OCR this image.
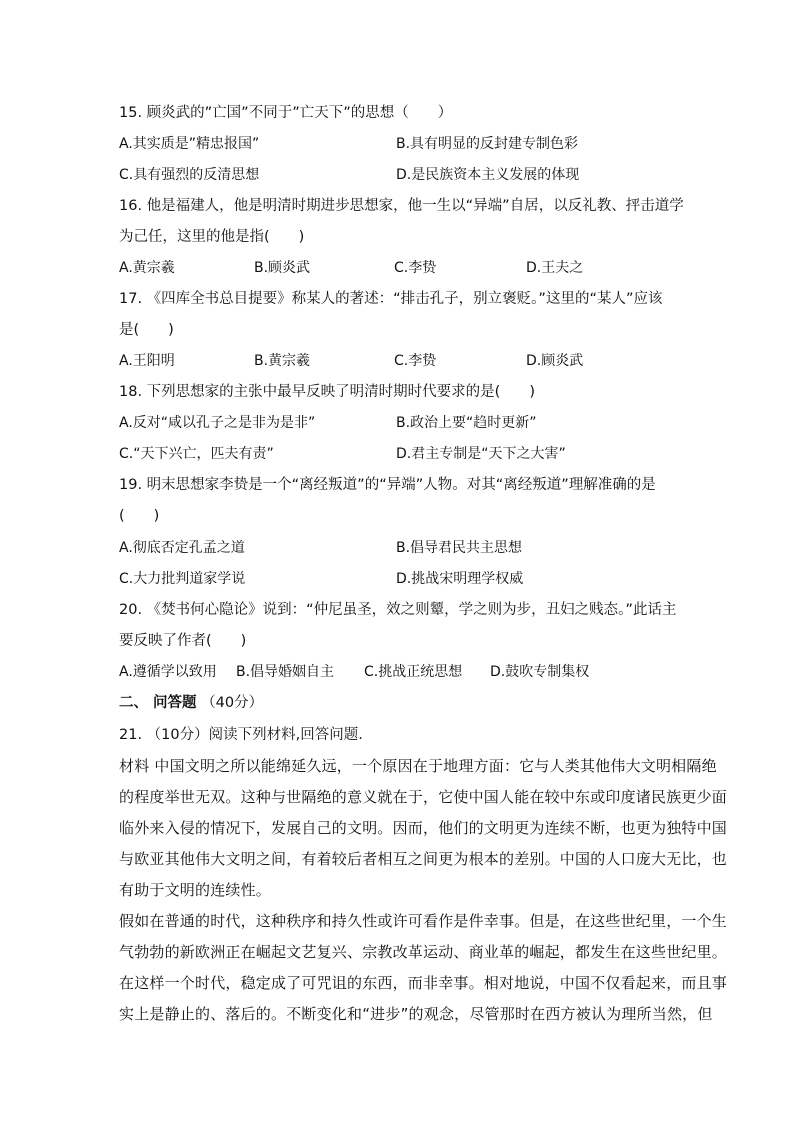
15. 顾炎武的”亡国”不同于”亡天下”的思想（　　）
A.其实质是”精忠报国”	B.具有明显的反封建专制色彩
C.具有强烈的反清思想	D.是民族资本主义发展的体现
16. 他是福建人，他是明清时期进步思想家，他一生以“异端”自居，以反礼教、抨击道学
为己任，这里的他是指(　　)
A.黄宗羲	B.顾炎武	C.李贽	D.王夫之
17. 《四库全书总目提要》称某人的著述：“排击孔子，别立褒贬。”这里的“某人”应该
是(　　)
A.王阳明	B.黄宗羲	C.李贽	D.顾炎武
18. 下列思想家的主张中最早反映了明清时期时代要求的是(　　)
A.反对“咸以孔子之是非为是非”	B.政治上要“趋时更新”
C.“天下兴亡，匹夫有责”	D.君主专制是“天下之大害”
19. 明末思想家李贽是一个“离经叛道”的“异端”人物。对其“离经叛道”理解准确的是
(　　)
A.彻底否定孔孟之道	B.倡导君民共主思想
C.大力批判道家学说	D.挑战宋明理学权威
20. 《焚书何心隐论》说到：“仲尼虽圣，效之则颦，学之则为步，丑妇之贱态。”此话主
要反映了作者(　　)
A.遵循学以致用 B.倡导婚姻自主 C.挑战正统思想 D.鼓吹专制集权
二、 问答题 （40分）
21. （10分）阅读下列材料,回答问题.
材料 中国文明之所以能绵延久远，一个原因在于地理方面：它与人类其他伟大文明相隔绝
的程度举世无双。这种与世隔绝的意义就在于，它使中国人能在较中东或印度诸民族更少面
临外来入侵的情况下，发展自己的文明。因而，他们的文明更为连续不断，也更为独特中国
与欧亚其他伟大文明之间，有着较后者相互之间更为根本的差别。中国的人口庞大无比，也
有助于文明的连续性。
假如在普通的时代，这种秩序和持久性或许可看作是件幸事。但是，在这些世纪里，一个生
气勃勃的新欧洲正在崛起文艺复兴、宗教改革运动、商业革的崛起，都发生在这些世纪里。
在这样一个时代，稳定成了可咒诅的东西，而非幸事。相对地说，中国不仅看起来，而且事
实上是静止的、落后的。不断变化和“进步”的观念，尽管那时在西方被认为理所当然，但
